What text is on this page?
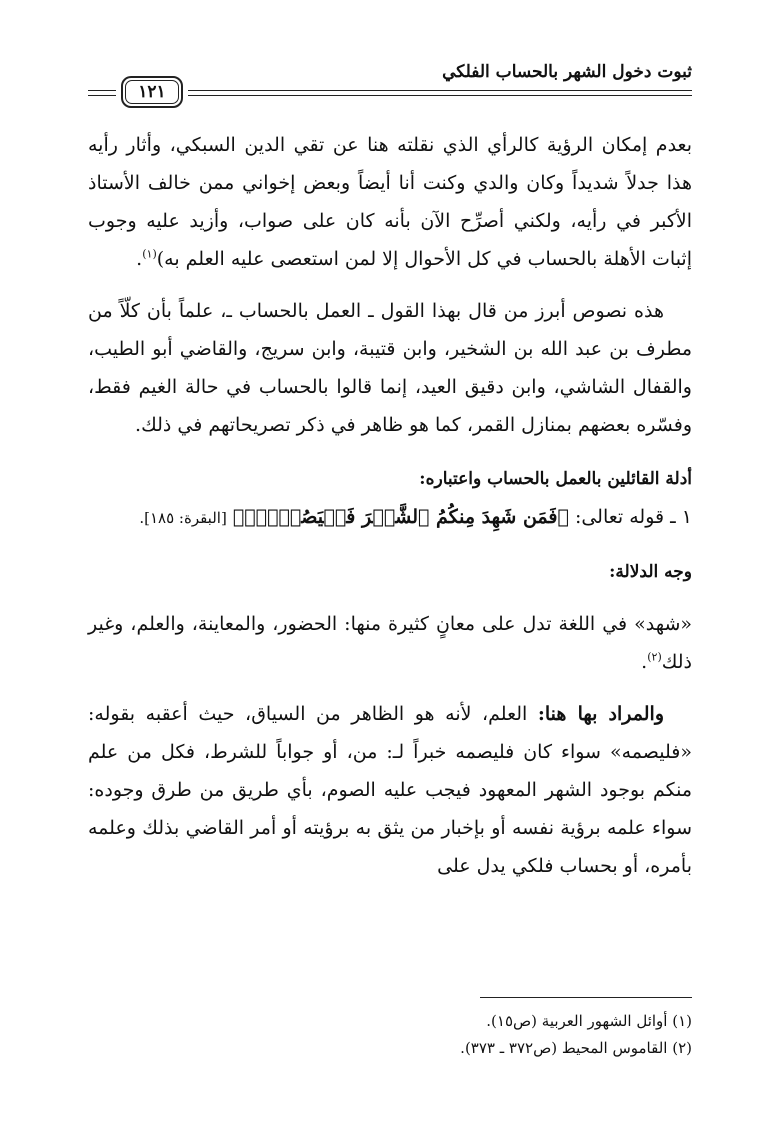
١٢١
ثبوت دخول الشهر بالحساب الفلكي

بعدم إمكان الرؤية كالرأي الذي نقلته هنا عن تقي الدين السبكي، وأثار رأيه هذا جدلاً شديداً وكان والدي وكنت أنا أيضاً وبعض إخواني ممن خالف الأستاذ الأكبر في رأيه، ولكني أصرِّح الآن بأنه كان على صواب، وأزيد عليه وجوب إثبات الأهلة بالحساب في كل الأحوال إلا لمن استعصى عليه العلم به)$^{(١)}$.

هذه نصوص أبرز من قال بهذا القول ـ العمل بالحساب ـ، علماً بأن كلّاً من مطرف بن عبد الله بن الشخير، وابن قتيبة، وابن سريج، والقاضي أبو الطيب، والقفال الشاشي، وابن دقيق العيد، إنما قالوا بالحساب في حالة الغيم فقط، وفسّره بعضهم بمنازل القمر، كما هو ظاهر في ذكر تصريحاتهم في ذلك.

أدلة القائلين بالعمل بالحساب واعتباره:

١ ـ قوله تعالى: ﴿فَمَن شَهِدَ مِنكُمُ ٱلشَّهۡرَ فَلۡيَصُمۡهُۖ﴾ [البقرة: ١٨٥].

وجه الدلالة:

«شهد» في اللغة تدل على معانٍ كثيرة منها: الحضور، والمعاينة، والعلم، وغير ذلك$^{(٢)}$.

والمراد بها هنا: العلم، لأنه هو الظاهر من السياق، حيث أعقبه بقوله: «فليصمه» سواء كان فليصمه خبراً لـ: من، أو جواباً للشرط، فكل من علم منكم بوجود الشهر المعهود فيجب عليه الصوم، بأي طريق من طرق وجوده: سواء علمه برؤية نفسه أو بإخبار من يثق به برؤيته أو أمر القاضي بذلك وعلمه بأمره، أو بحساب فلكي يدل على

(١) أوائل الشهور العربية (ص١٥).

(٢) القاموس المحيط (ص٣٧٢ ـ ٣٧٣).
